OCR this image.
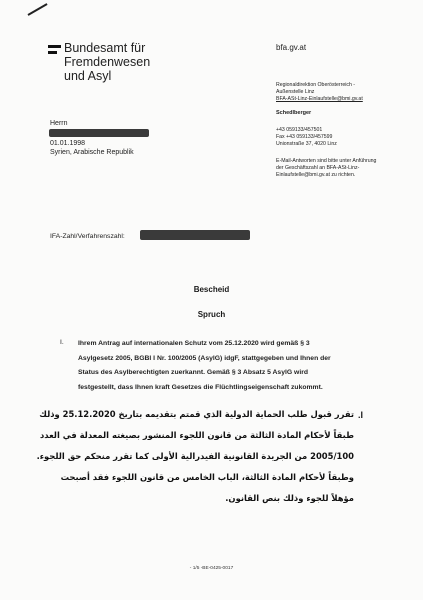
Bundesamt für
Fremdenwesen
und Asyl
bfa.gv.at
Regionaldirektion Oberösterreich -
Außenstelle Linz
BFA-ASt-Linz-Einlaufstelle@bmi.gv.at
Schedlberger
+43 059133/457501
Fax +43 059133/457599
Unionstraße 37, 4020 Linz
E-Mail-Antworten sind bitte unter Anführung
der Geschäftszahl an BFA-ASt-Linz-
Einlaufstelle@bmi.gv.at zu richten.
Herrn
01.01.1998
Syrien, Arabische Republik
IFA-Zahl/Verfahrenszahl:
Bescheid
Spruch
I. Ihrem Antrag auf internationalen Schutz vom 25.12.2020 wird gemäß § 3
Asylgesetz 2005, BGBl I Nr. 100/2005 (AsylG) idgF, stattgegeben und Ihnen der
Status des Asylberechtigten zuerkannt. Gemäß § 3 Absatz 5 AsylG wird
festgestellt, dass Ihnen kraft Gesetzes die Flüchtlingseigenschaft zukommt.
.I
تقرر قبول طلب الحماية الدولية الذي قمتم بتقديمه بتاريخ 25.12.2020 وذلك
طبقاً لأحكام المادة الثالثة من قانون اللجوء المنشور بصيغته المعدلة في العدد
2005/100 من الجريدة القانونية الفيدرالية الأولى كما تقرر منحكم حق اللجوء.
وطبقاً لأحكام المادة الثالثة، الباب الخامس من قانون اللجوء فقد أصبحت
مؤهلاً للجوء وذلك بنص القانون.
- 1/5 -BE-0425-0017
